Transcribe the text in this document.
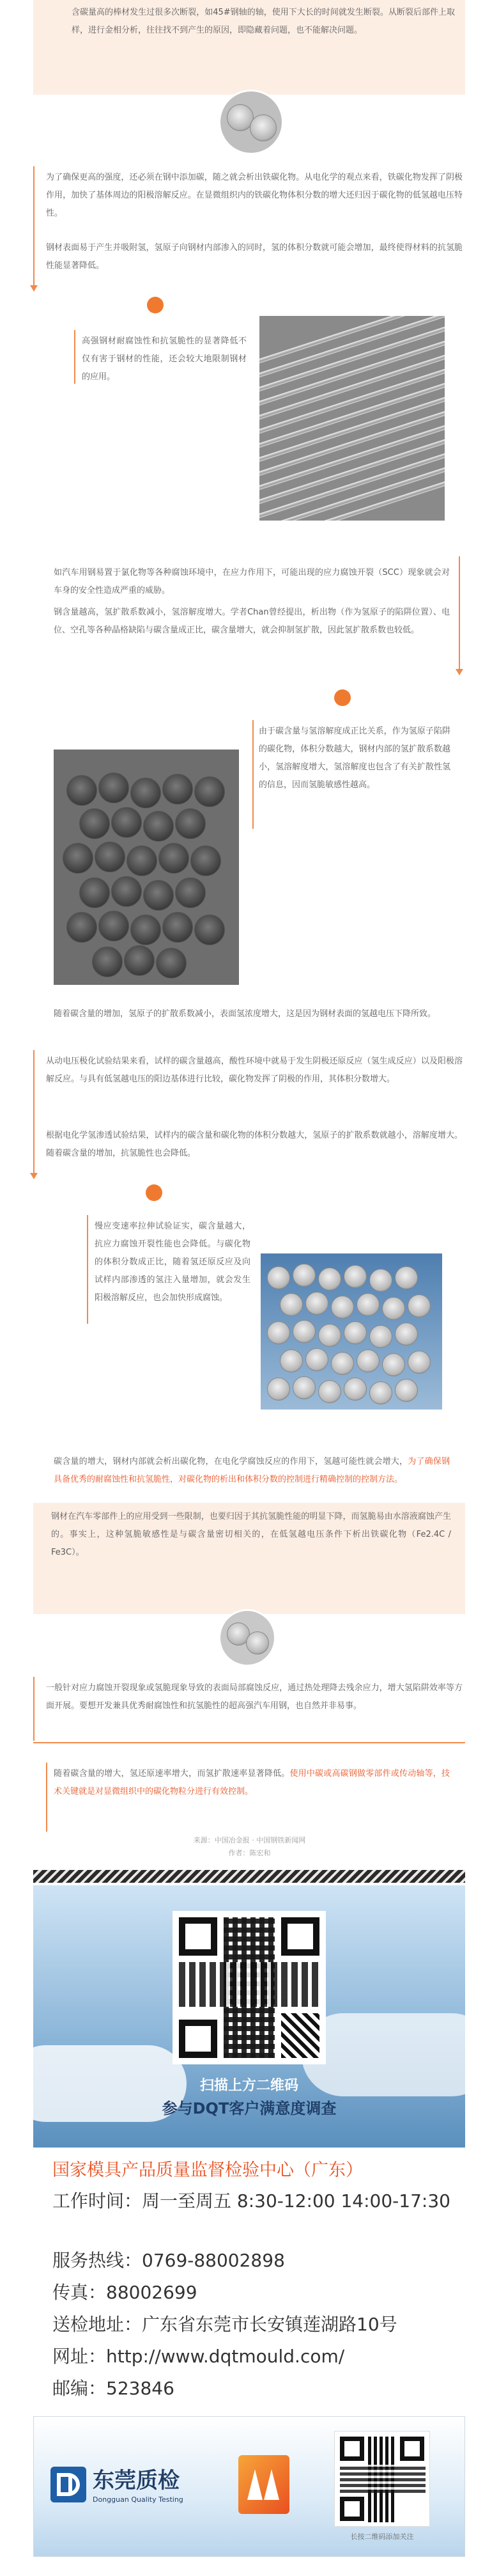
含碳量高的棒材发生过很多次断裂，如45#钢轴的轴，使用下大长的时间就发生断裂。从断裂后部件上取样，进行金相分析，往往找不到产生的原因，即隐藏着问题，也不能解决问题。

为了确保更高的强度，还必须在钢中添加碳，随之就会析出铁碳化物。从电化学的观点来看，铁碳化物发挥了阴极作用，加快了基体周边的阳极溶解反应。在显微组织内的铁碳化物体积分数的增大还归因于碳化物的低氢越电压特性。

钢材表面易于产生并吸附氢，氢原子向钢材内部渗入的同时，氢的体积分数就可能会增加，最终使得材料的抗氢脆性能显著降低。

高强钢材耐腐蚀性和抗氢脆性的显著降低不仅有害于钢材的性能，还会较大地限制钢材的应用。

如汽车用钢易置于氯化物等各种腐蚀环境中，在应力作用下，可能出现的应力腐蚀开裂（SCC）现象就会对车身的安全性造成严重的威胁。

钢含量越高，氢扩散系数减小，氢溶解度增大。学者Chan曾经提出，析出物（作为氢原子的陷阱位置）、电位、空孔等各种晶格缺陷与碳含量成正比，碳含量增大，就会抑制氢扩散，因此氢扩散系数也较低。

由于碳含量与氢溶解度成正比关系，作为氢原子陷阱的碳化物，体积分数越大，钢材内部的氢扩散系数越小，氢溶解度增大，氢溶解度也包含了有关扩散性氢的信息，因而氢脆敏感性越高。

随着碳含量的增加，氢原子的扩散系数减小，表面氢浓度增大，这是因为钢材表面的氢越电压下降所致。

从动电压极化试验结果来看，试样的碳含量越高，酸性环境中就易于发生阴极还原反应（氢生成反应）以及阳极溶解反应。与具有低氢越电压的阳边基体进行比较，碳化物发挥了阴极的作用，其体积分数增大。

根据电化学氢渗透试验结果，试样内的碳含量和碳化物的体积分数越大，氢原子的扩散系数就越小，溶解度增大。随着碳含量的增加，抗氢脆性也会降低。

慢应变速率拉伸试验证实，碳含量越大，抗应力腐蚀开裂性能也会降低。与碳化物的体积分数成正比，随着氢还原反应及向试样内部渗透的氢注入量增加，就会发生阳极溶解反应，也会加快形成腐蚀。

碳含量的增大，钢材内部就会析出碳化物，在电化学腐蚀反应的作用下，氢越可能性就会增大，为了确保钢具备优秀的耐腐蚀性和抗氢脆性，对碳化物的析出和体积分数的控制进行精确控制的控制方法。

钢材在汽车零部件上的应用受到一些限制，也要归因于其抗氢脆性能的明显下降，而氢脆易由水溶液腐蚀产生的。事实上，这种氢脆敏感性是与碳含量密切相关的，在低氢越电压条件下析出铁碳化物（Fe2.4C / Fe3C）。

一般针对应力腐蚀开裂现象或氢脆现象导致的表面局部腐蚀反应，通过热处理降去残余应力，增大氢陷阱效率等方面开展。要想开发兼具优秀耐腐蚀性和抗氢脆性的超高强汽车用钢，也自然并非易事。

随着碳含量的增大，氢还原速率增大，而氢扩散速率显著降低。使用中碳或高碳钢做零部件或传动轴等，技术关键就是对显微组织中的碳化物粒分进行有效控制。

来源：中国冶金报 · 中国钢铁新闻网

作者：陈宏和

扫描上方二维码

参与DQT客户满意度调查

国家模具产品质量监督检验中心（广东）

工作时间：周一至周五 8:30-12:00 14:00-17:30

服务热线：0769-88002898

传真：88002699

送检地址：广东省东莞市长安镇莲湖路10号

网址：http://www.dqtmould.com/

邮编：523846

东莞质检

Dongguan Quality Testing

长按二维码添加关注
